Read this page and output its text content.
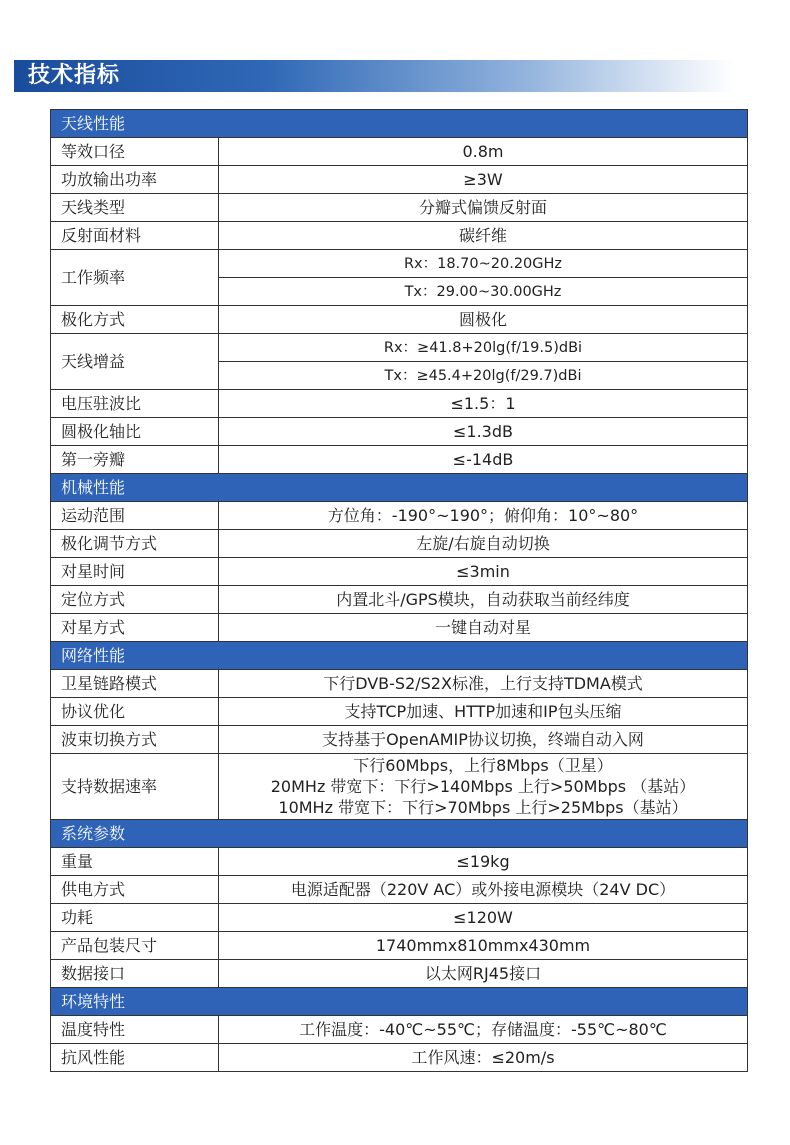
技术指标
天线性能	
等效口径	0.8m
功放输出功率	≥3W
天线类型	分瓣式偏馈反射面
反射面材料	碳纤维
工作频率	Rx：18.70~20.20GHz
	Tx：29.00~30.00GHz
极化方式	圆极化
天线增益	Rx：≥41.8+20lg(f/19.5)dBi
	Tx：≥45.4+20lg(f/29.7)dBi
电压驻波比	≤1.5：1
圆极化轴比	≤1.3dB
第一旁瓣	≤-14dB
机械性能	
运动范围	方位角：-190°~190°；俯仰角：10°~80°
极化调节方式	左旋/右旋自动切换
对星时间	≤3min
定位方式	内置北斗/GPS模块，自动获取当前经纬度
对星方式	一键自动对星
网络性能	
卫星链路模式	下行DVB-S2/S2X标准，上行支持TDMA模式
协议优化	支持TCP加速、HTTP加速和IP包头压缩
波束切换方式	支持基于OpenAMIP协议切换，终端自动入网
支持数据速率	下行60Mbps，上行8Mbps（卫星）
20MHz 带宽下：下行>140Mbps 上行>50Mbps （基站）
10MHz 带宽下：下行>70Mbps 上行>25Mbps（基站）

系统参数	
重量	≤19kg
供电方式	电源适配器（220V AC）或外接电源模块（24V DC）
功耗	≤120W
产品包装尺寸	1740mmx810mmx430mm
数据接口	以太网RJ45接口
环境特性	
温度特性	工作温度：-40℃~55℃；存储温度：-55℃~80℃
抗风性能	工作风速：≤20m/s
